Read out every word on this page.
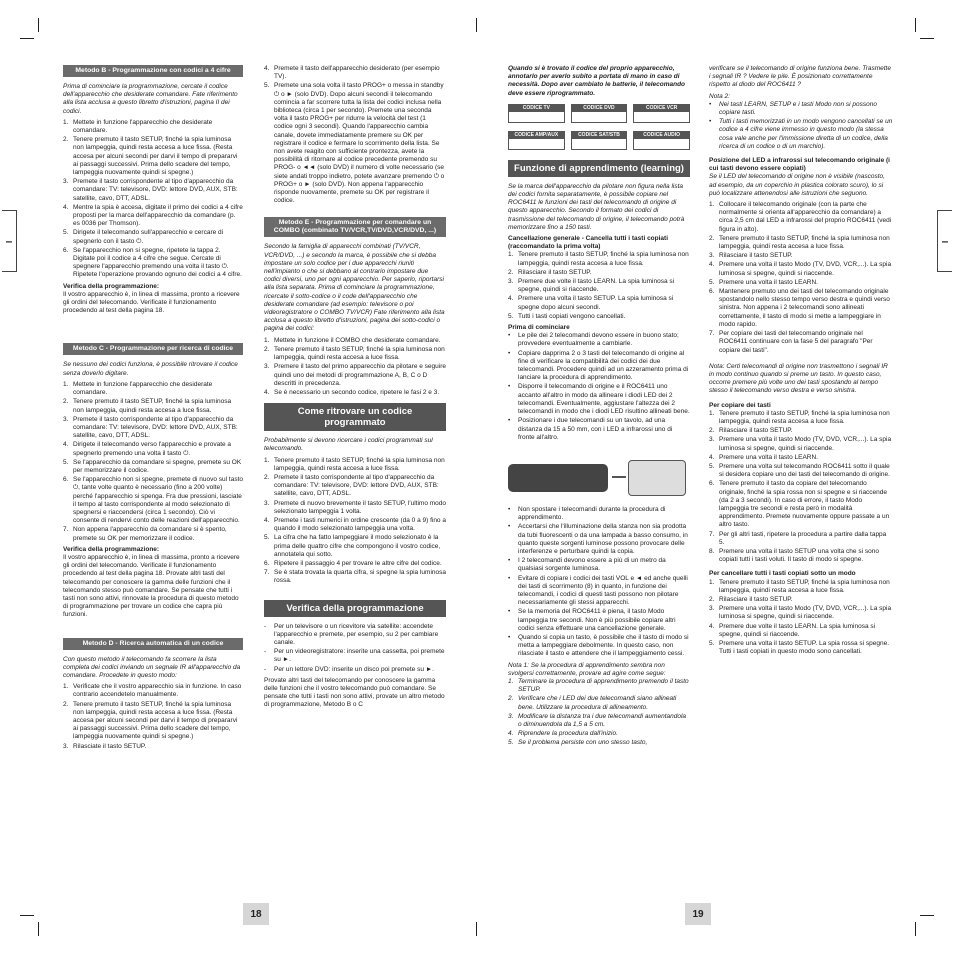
–	–
Metodo B - Programmazione con codici a 4 cifre

Prima di cominciare la programmazione, cercate il codice dell'apparecchio che desiderate comandare. Fate riferimento alla lista acclusa a questo libretto d'istruzioni, pagina II dei codici.

1. Mettete in funzione l'apparecchio che desiderate comandare.
2. Tenere premuto il tasto SETUP, finché la spia luminosa non lampeggia, quindi resta accesa a luce fissa. (Resta accesa per alcuni secondi per darvi il tempo di prepararvi ai passaggi successivi. Prima dello scadere del tempo, lampeggia nuovamente quindi si spegne.)
3. Premete il tasto corrispondente al tipo d'apparecchio da comandare: TV: televisore, DVD: lettore DVD, AUX, STB: satellite, cavo, DTT, ADSL.
4. Mentre la spia è accesa, digitate il primo dei codici a 4 cifre proposti per la marca dell'apparecchio da comandare (p. es 0036 per Thomson).
5. Dirigete il telecomando sull'apparecchio e cercare di spegnerlo con il tasto ⏻.
6. Se l'apparecchio non si spegne, ripetete la tappa 2. Digitate poi il codice a 4 cifre che segue. Cercate di spegnere l'apparecchio premendo una volta il tasto ⏻. Ripetete l'operazione provando ognuno dei codici a 4 cifre.

Verifica della programmazione:

Il vostro apparecchio è, in linea di massima, pronto a ricevere gli ordini del telecomando. Verificate il funzionamento procedendo al test della pagina 18.

Metodo C - Programmazione per ricerca di codice

Se nessuno dei codici funziona, è possibile ritrovare il codice senza doverlo digitare.

1. Mettete in funzione l'apparecchio che desiderate comandare.
2. Tenere premuto il tasto SETUP, finché la spia luminosa non lampeggia, quindi resta accesa a luce fissa.
3. Premete il tasto corrispondente al tipo d'apparecchio da comandare: TV: televisore, DVD: lettore DVD, AUX, STB: satellite, cavo, DTT, ADSL.
4. Dirigete il telecomando verso l'apparecchio e provate a spegnerlo premendo una volta il tasto ⏻.
5. Se l'apparecchio da comandare si spegne, premete su OK per memorizzare il codice.
6. Se l'apparecchio non si spegne, premete di nuovo sul tasto ⏻, tante volte quanto è necessario (fino a 200 volte) perché l'apparecchio si spenga. Fra due pressioni, lasciate il tempo al tasto corrispondente al modo selezionato di spegnersi e riaccendersi (circa 1 secondo). Ciò vi consente di rendervi conto delle reazioni dell'apparecchio.
7. Non appena l'apparecchio da comandare si è spento, premete su OK per memorizzare il codice.

Verifica della programmazione:

Il vostro apparecchio è, in linea di massima, pronto a ricevere gli ordini del telecomando. Verificate il funzionamento procedendo al test della pagina 18. Provate altri tasti del telecomando per conoscere la gamma delle funzioni che il telecomando stesso può comandare. Se pensate che tutti i tasti non sono attivi, rinnovate la procedura di questo metodo di programmazione per trovare un codice che capra più funzioni.

Metodo D - Ricerca automatica di un codice

Con questo metodo il telecomando fa scorrere la lista completa dei codici inviando un segnale IR all'apparecchio da comandare. Procedete in questo modo:

1. Verificate che il vostro apparecchio sia in funzione. In caso contrario accendetelo manualmente.
2. Tenere premuto il tasto SETUP, finché la spia luminosa non lampeggia, quindi resta accesa a luce fissa. (Resta accesa per alcuni secondi per darvi il tempo di prepararvi ai passaggi successivi. Prima dello scadere del tempo, lampeggia nuovamente quindi si spegne.)
3. Rilasciate il tasto SETUP.
4. Premete il tasto dell'apparecchio desiderato (per esempio TV).
5. Premete una sola volta il tasto PROG+ o messa in standby ⏻ o ► (solo DVD). Dopo alcuni secondi il telecomando comincia a far scorrere tutta la lista dei codici inclusa nella biblioteca (circa 1 per secondo). Premete una seconda volta il tasto PROG+ per ridurre la velocità del test (1 codice ogni 3 secondi). Quando l'apparecchio cambia canale, dovete immediatamente premere su OK per registrare il codice e fermare lo scorrimento della lista. Se non avete reagito con sufficiente prontezza, avete la possibilità di ritornare al codice precedente premendo su PROG- o ◄◄ (solo DVD) il numero di volte necessario (se siete andati troppo indietro, potete avanzare premendo ⏻ o PROG+ o ► (solo DVD). Non appena l'apparecchio risponde nuovamente, premete su OK per registrare il codice.
Metodo E - Programmazione per comandare un COMBO (combinato TV/VCR,TV/DVD,VCR/DVD, ...)

Secondo la famiglia di apparecchi combinati (TV/VCR, VCR/DVD, ...) e secondo la marca, è possibile che si debba impostare un solo codice per i due apparecchi riuniti nell'impianto o che si debbano al contrario impostare due codici diversi, uno per ogni apparecchio. Per saperlo, riportarsi alla lista separata. Prima di cominciare la programmazione, ricercate il sotto-codice o il code dell'apparecchio che desiderate comandare (ad esempio: televisore o poi videoregistratore o COMBO TV/VCR) Fate riferimento alla lista acclusa a questo libretto d'istruzioni, pagina dei sotto-codici o pagina dei codici:

1. Mettete in funzione il COMBO che desiderate comandare.
2. Tenere premuto il tasto SETUP, finché la spia luminosa non lampeggia, quindi resta accesa a luce fissa.
3. Premere il tasto del primo apparecchio da pilotare e seguire quindi uno dei metodi di programmazione A, B, C o D descritti in precedenza.
4. Se è necessario un secondo codice, ripetere le fasi 2 e 3.
Come ritrovare un codice programmato

Probabilmente si devono ricercare i codici programmati sul telecomando.

1. Tenere premuto il tasto SETUP, finché la spia luminosa non lampeggia, quindi resta accesa a luce fissa.
2. Premete il tasto corrispondente al tipo d'apparecchio da comandare: TV: televisore, DVD: lettore DVD, AUX, STB: satellite, cavo, DTT, ADSL.
3. Premete di nuovo brevemente il tasto SETUP, l'ultimo modo selezionato lampeggia 1 volta.
4. Premete i tasti numerici in ordine crescente (da 0 a 9) fino a quando il modo selezionato lampeggia una volta.
5. La cifra che ha fatto lampeggiare il modo selezionato è la prima delle quattro cifre che compongono il vostro codice, annotatela qui sotto.
6. Ripetere il passaggio 4 per trovare le altre cifre del codice.
7. Se è stata trovata la quarta cifra, si spegne la spia luminosa rossa.
Verifica della programmazione
- Per un televisore o un ricevitore via satellite: accendete l'apparecchio e premete, per esempio, su 2 per cambiare canale.
- Per un videoregistratore: inserite una cassetta, poi premete su ►.
- Per un lettore DVD: inserite un disco poi premete su ►.

Provate altri tasti del telecomando per conoscere la gamma delle funzioni che il vostro telecomando può comandare. Se pensate che tutti i tasti non sono attivi, provate un altro metodo di programmazione, Metodo B o C

Quando si è trovato il codice del proprio apparecchio, annotarlo per averlo subito a portata di mano in caso di necessità. Dopo aver cambiato le batterie, il telecomando deve essere riprogrammato.

CODICE TV	CODICE DVD	CODICE VCR
CODICE AMP/AUX	CODICE SAT/STB	CODICE AUDIO
Funzione di apprendimento (learning)

Se la marca dell'apparecchio da pilotare non figura nella lista dei codici fornita separatamente, è possibile copiare nel ROC6411 le funzioni dei tasti del telecomando di origine di questo apparecchio. Secondo il formato dei codici di trasmissione del telecomando di origine, il telecomando potrà memorizzare fino a 150 tasti.

Cancellazione generale - Cancella tutti i tasti copiati (raccomandato la prima volta)

1. Tenere premuto il tasto SETUP, finché la spia luminosa non lampeggia, quindi resta accesa a luce fissa.
2. Rilasciare il tasto SETUP.
3. Premere due volte il tasto LEARN. La spia luminosa si spegne, quindi si riaccende.
4. Premere una volta il tasto SETUP. La spia luminosa si spegne dopo alcuni secondi.
5. Tutti i tasti copiati vengono cancellati.

Prima di cominciare

• Le pile dei 2 telecomandi devono essere in buono stato; provvedere eventualmente a cambiarle.
• Copiare dapprima 2 o 3 tasti del telecomando di origine al fine di verificare la compatibilità dei codici dei due telecomandi. Procedere quindi ad un azzeramento prima di lanciare la procedura di apprendimento.
• Disporre il telecomando di origine e il ROC6411 uno accanto all'altro in modo da allineare i diodi LED dei 2 telecomandi. Eventualmente, aggiustare l'altezza dei 2 telecomandi in modo che i diodi LED risultino allineati bene.
• Posizionare i due telecomandi su un tavolo, ad una distanza da 15 a 50 mm, con i LED a infrarossi uno di fronte all'altro.
• Non spostare i telecomandi durante la procedura di apprendimento.
• Accertarsi che l'illuminazione della stanza non sia prodotta da tubi fluorescenti o da una lampada a basso consumo, in quanto queste sorgenti luminose possono provocare delle interferenze e perturbare quindi la copia.
• I 2 telecomandi devono essere a più di un metro da qualsiasi sorgente luminosa.
• Evitare di copiare i codici dei tasti VOL e ◄ ed anche quelli dei tasti di scorrimento (8) in quanto, in funzione dei telecomandi, i codici di questi tasti possono non pilotare necessariamente gli stessi apparecchi.
• Se la memoria del ROC6411 è piena, il tasto Modo lampeggia tre secondi. Non è più possibile copiare altri codici senza effettuare una cancellazione generale.
• Quando si copia un tasto, è possibile che il tasto di modo si metta a lampeggiare debolmente. In questo caso, non rilasciate il tasto e attendere che il lampeggiamento cessi.
Nota 1: Se la procedura di apprendimento sembra non svolgersi correttamente, provare ad agire come segue:
1. Terminare la procedura di apprendimento premendo il tasto SETUP.
2. Verificare che i LED dei due telecomandi siano allineati bene. Utilizzare la procedura di allineamento.
3. Modificare la distanza tra i due telecomandi aumentandola o diminuendola da 1,5 a 5 cm.
4. Riprendere la procedura dall'inizio.
5. Se il problema persiste con uno stesso tasto,

verificare se il telecomando di origine funziona bene. Trasmette i segnali IR ? Vedere le pile. È posizionato correttamente rispetto al diodo del ROC6411 ?

Nota 2:
• Nei tasti LEARN, SETUP e i tasti Modo non si possono copiare tasti.
• Tutti i tasti memorizzati in un modo vengono cancellati se un codice a 4 cifre viene immesso in questo modo (la stessa cosa vale anche per l'immissione diretta di un codice, della ricerca di un codice o di un marchio).

Posizione del LED a infrarossi sul telecomando originale (i cui tasti devono essere copiati)

Se il LED del telecomando di origine non è visibile (nascosto, ad esempio, da un coperchio in plastica colorato scuro), lo si può localizzare attenendosi alle istruzioni che seguono.

1. Collocare il telecomando originale (con la parte che normalmente si orienta all'apparecchio da comandare) a circa 2,5 cm dal LED a infrarossi del proprio ROC6411 (vedi figura in alto).
2. Tenere premuto il tasto SETUP, finché la spia luminosa non lampeggia, quindi resta accesa a luce fissa.
3. Rilasciare il tasto SETUP.
4. Premere una volta il tasto Modo (TV, DVD, VCR,...). La spia luminosa si spegne, quindi si riaccende.
5. Premere una volta il tasto LEARN.
6. Mantenere premuto uno dei tasti del telecomando originale spostandolo nello stesso tempo verso destra e quindi verso sinistra. Non appena i 2 telecomandi sono allineati correttamente, il tasto di modo si mette a lampeggiare in modo rapido.
7. Per copiare dei tasti del telecomando originale nel ROC6411 continuare con la fase 5 del paragrafo "Per copiare dei tasti".

Nota: Certi telecomandi di origine non trasmettono i segnali IR in modo continuo quando si preme un tasto. In questo caso, occorre premere più volte uno dei tasti spostando al tempo stesso il telecomando verso destra e verso sinistra.

Per copiare dei tasti

1. Tenere premuto il tasto SETUP, finché la spia luminosa non lampeggia, quindi resta accesa a luce fissa.
2. Rilasciare il tasto SETUP.
3. Premere una volta il tasto Modo (TV, DVD, VCR,...). La spia luminosa si spegne, quindi si riaccende.
4. Premere una volta il tasto LEARN.
5. Premere una volta sul telecomando ROC6411 sotto il quale si desidera copiare uno dei tasti del telecomando di origine.
6. Tenere premuto il tasto da copiare del telecomando originale, finché la spia rossa non si spegne e si riaccende (da 2 a 3 secondi). In caso di errore, il tasto Modo lampeggia tre secondi e resta però in modalità apprendimento. Premete nuovamente oppure passate a un altro tasto.
7. Per gli altri tasti, ripetere la procedura a partire dalla tappa 5.
8. Premere una volta il tasto SETUP una volta che si sono copiati tutti i tasti voluti. Il tasto di modo si spegne.

Per cancellare tutti i tasti copiati sotto un modo

1. Tenere premuto il tasto SETUP, finché la spia luminosa non lampeggia, quindi resta accesa a luce fissa.
2. Rilasciare il tasto SETUP.
3. Premere una volta il tasto Modo (TV, DVD, VCR,...). La spia luminosa si spegne, quindi si riaccende.
4. Premere due volte il tasto LEARN. La spia luminosa si spegne, quindi si riaccende.
5. Premere una volta il tasto SETUP. La spia rossa si spegne. Tutti i tasti copiati in questo modo sono cancellati.
18	19
